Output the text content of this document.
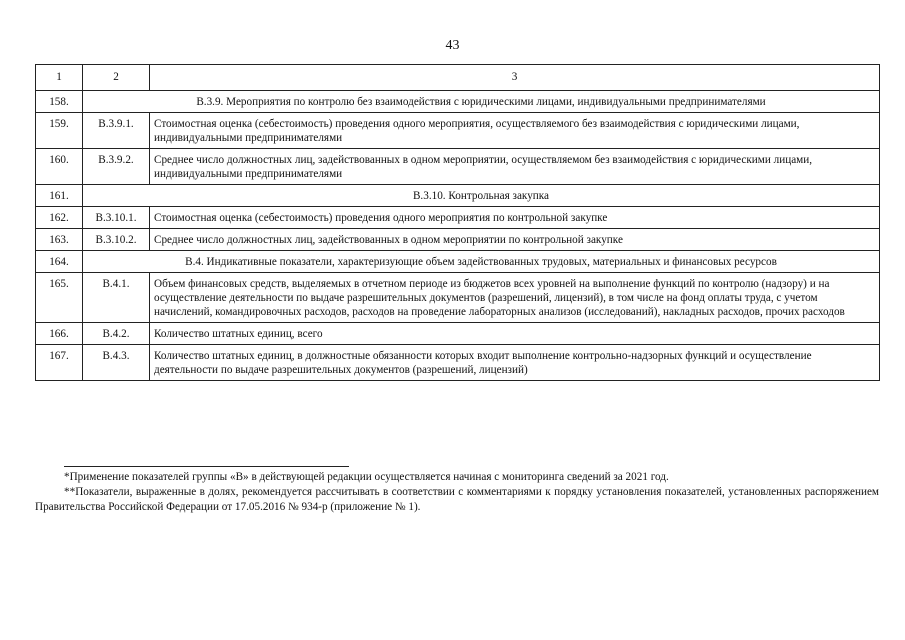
43
1	2	3
158.	В.3.9. Мероприятия по контролю без взаимодействия с юридическими лицами, индивидуальными предпринимателями	
159.	В.3.9.1.	Стоимостная оценка (себестоимость) проведения одного мероприятия, осуществляемого без взаимодействия с юридическими лицами, индивидуальными предпринимателями
160.	В.3.9.2.	Среднее число должностных лиц, задействованных в одном мероприятии, осуществляемом без взаимодействия с юридическими лицами, индивидуальными предпринимателями
161.	В.3.10. Контрольная закупка	
162.	В.3.10.1.	Стоимостная оценка (себестоимость) проведения одного мероприятия по контрольной закупке
163.	В.3.10.2.	Среднее число должностных лиц, задействованных в одном мероприятии по контрольной закупке
164.	В.4. Индикативные показатели, характеризующие объем задействованных трудовых, материальных и финансовых ресурсов	
165.	В.4.1.	Объем финансовых средств, выделяемых в отчетном периоде из бюджетов всех уровней на выполнение функций по контролю (надзору) и на осуществление деятельности по выдаче разрешительных документов (разрешений, лицензий), в том числе на фонд оплаты труда, с учетом начислений, командировочных расходов, расходов на проведение лабораторных анализов (исследований), накладных расходов, прочих расходов
166.	В.4.2.	Количество штатных единиц, всего
167.	В.4.3.	Количество штатных единиц, в должностные обязанности которых входит выполнение контрольно-надзорных функций и осуществление деятельности по выдаче разрешительных документов (разрешений, лицензий)

*Применение показателей группы «В» в действующей редакции осуществляется начиная с мониторинга сведений за 2021 год.

**Показатели, выраженные в долях, рекомендуется рассчитывать в соответствии с комментариями к порядку установления показателей, установленных распоряжением Правительства Российской Федерации от 17.05.2016 № 934-р (приложение № 1).
